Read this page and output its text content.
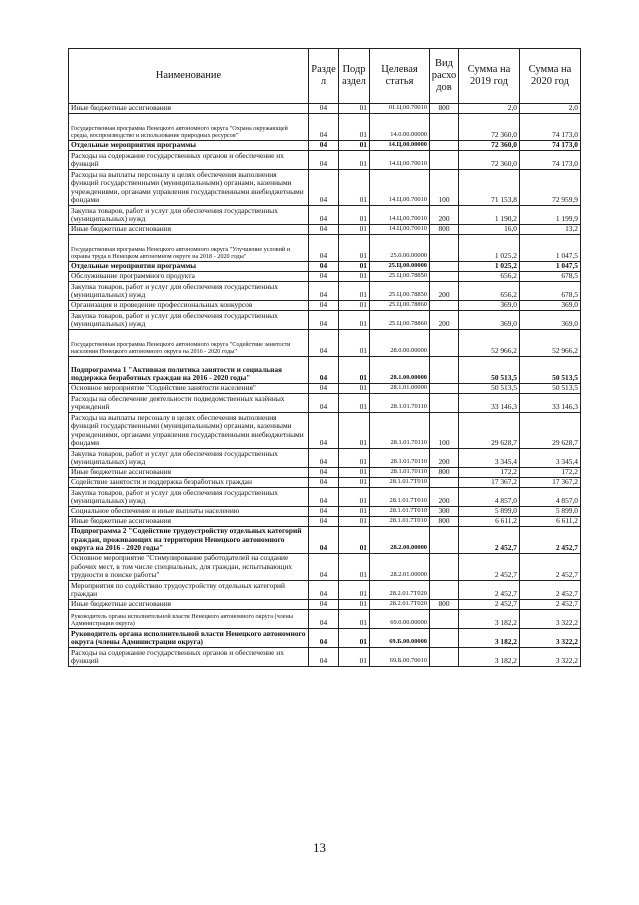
Наименование	Разде л	Подр аздел	Целевая статья	Вид расхо дов	Сумма на 2019 год	Сумма на 2020 год
Иные бюджетные ассигнования	04	01	01.Ц.00.70010	800	2,0	2,0
Государственная программа Ненецкого автономного округа "Охрана окружающей среды, воспроизводство и использование природных ресурсов"	04	01	14.0.00.00000		72 360,0	74 173,0
Отдельные мероприятия программы	04	01	14.Ц.00.00000		72 360,0	74 173,0
Расходы на содержание государственных органов и обеспечение их функций	04	01	14.Ц.00.70010		72 360,0	74 173,0
Расходы на выплаты персоналу в целях обеспечения выполнения функций государственными (муниципальными) органами, казенными учреждениями, органами управления государственными внебюджетными фондами	04	01	14.Ц.00.70010	100	71 153,8	72 959,9
Закупка товаров, работ и услуг для обеспечения государственных (муниципальных) нужд	04	01	14.Ц.00.70010	200	1 190,2	1 199,9
Иные бюджетные ассигнования	04	01	14.Ц.00.70010	800	16,0	13,2
Государственная программа Ненецкого автономного округа "Улучшение условий и охраны труда в Ненецком автономном округе на 2018 - 2020 годы"	04	01	25.0.00.00000		1 025,2	1 047,5
Отдельные мероприятия программы	04	01	25.Ц.00.00000		1 025,2	1 047,5
Обслуживание программного продукта	04	01	25.Ц.00.78850		656,2	678,5
Закупка товаров, работ и услуг для обеспечения государственных (муниципальных) нужд	04	01	25.Ц.00.78850	200	656,2	678,5
Организация и проведение профессиональных конкурсов	04	01	25.Ц.00.78860		369,0	369,0
Закупка товаров, работ и услуг для обеспечения государственных (муниципальных) нужд	04	01	25.Ц.00.78860	200	369,0	369,0
Государственная программа Ненецкого автономного округа "Содействие занятости населения Ненецкого автономного округа на 2016 - 2020 годы"	04	01	28.0.00.00000		52 966,2	52 966,2
Подпрограмма 1 "Активная политика занятости и социальная поддержка безработных граждан на 2016 - 2020 годы"	04	01	28.1.00.00000		50 513,5	50 513,5
Основное мероприятие "Содействие занятости населения"	04	01	28.1.01.00000		50 513,5	50 513,5
Расходы на обеспечение деятельности подведомственных казённых учреждений	04	01	28.1.01.70110		33 146,3	33 146,3
Расходы на выплаты персоналу в целях обеспечения выполнения функций государственными (муниципальными) органами, казенными учреждениями, органами управления государственными внебюджетными фондами	04	01	28.1.01.70110	100	29 628,7	29 628,7
Закупка товаров, работ и услуг для обеспечения государственных (муниципальных) нужд	04	01	28.1.01.70110	200	3 345,4	3 345,4
Иные бюджетные ассигнования	04	01	28.1.01.70110	800	172,2	172,2
Содействие занятости и поддержка безработных граждан	04	01	28.1.01.7Т010		17 367,2	17 367,2
Закупка товаров, работ и услуг для обеспечения государственных (муниципальных) нужд	04	01	28.1.01.7Т010	200	4 857,0	4 857,0
Социальное обеспечение и иные выплаты населению	04	01	28.1.01.7Т010	300	5 899,0	5 899,0
Иные бюджетные ассигнования	04	01	28.1.01.7Т010	800	6 611,2	6 611,2
Подпрограмма 2 "Содействие трудоустройству отдельных категорий граждан, проживающих на территории Ненецкого автономного округа на 2016 - 2020 годы"	04	01	28.2.00.00000		2 452,7	2 452,7
Основное мероприятие "Стимулирование работодателей на создание рабочих мест, в том числе специальных, для граждан, испытывающих трудности в поиске работы"	04	01	28.2.01.00000		2 452,7	2 452,7
Мероприятия по содействию трудоустройству отдельных категорий граждан	04	01	28.2.01.7Т020		2 452,7	2 452,7
Иные бюджетные ассигнования	04	01	28.2.01.7Т020	800	2 452,7	2 452,7
Руководитель органа исполнительной власти Ненецкого автономного округа (члены Администрации округа)	04	01	69.0.00.00000		3 182,2	3 322,2
Руководитель органа исполнительной власти Ненецкого автономного округа (члены Администрации округа)	04	01	69.Б.00.00000		3 182,2	3 322,2
Расходы на содержание государственных органов и обеспечение их функций	04	01	69.Б.00.70010		3 182,2	3 322,2
13
